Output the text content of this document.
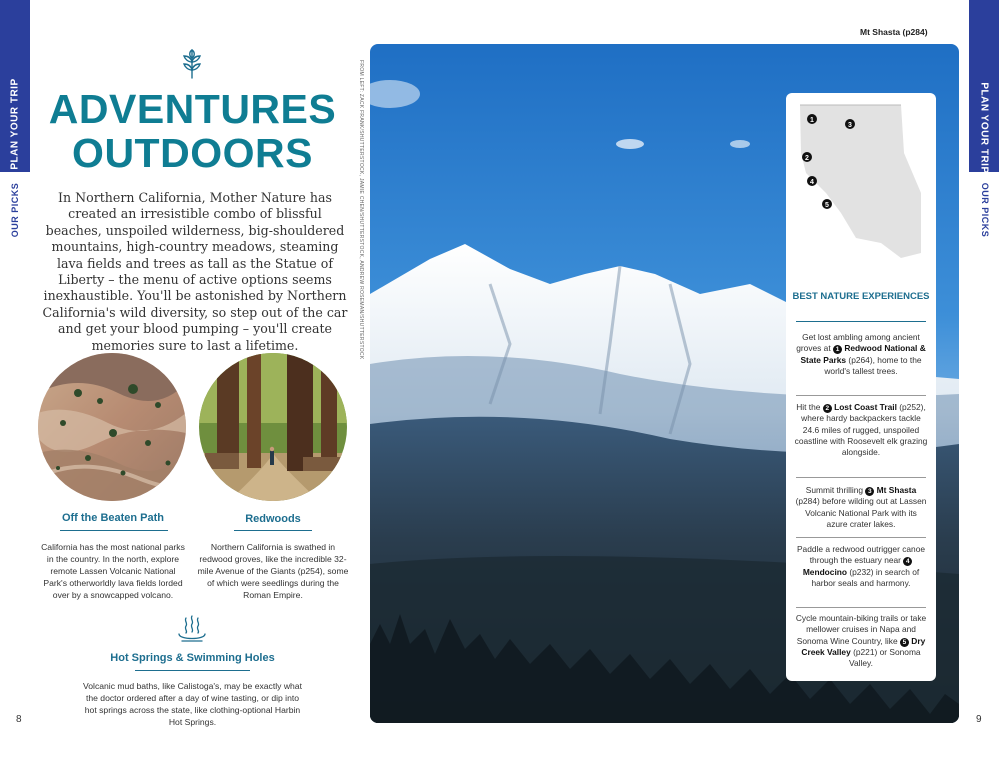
PLAN YOUR TRIP
OUR PICKS
PLAN YOUR TRIP
OUR PICKS
8	9
ADVENTURES
OUTDOORS
In Northern California, Mother Nature has created an irresistible combo of blissful beaches, unspoiled wilderness, big-shouldered mountains, high-country meadows, steaming lava fields and trees as tall as the Statue of Liberty – the menu of active options seems inexhaustible. You'll be astonished by Northern California's wild diversity, so step out of the car and get your blood pumping – you'll create memories sure to last a lifetime.
Off the Beaten Path
California has the most national parks in the country. In the north, explore remote Lassen Volcanic National Park's otherworldly lava fields lorded over by a snowcapped volcano.
Redwoods
Northern California is swathed in redwood groves, like the incredible 32-mile Avenue of the Giants (p254), some of which were seedlings during the Roman Empire.
Hot Springs & Swimming Holes
Volcanic mud baths, like Calistoga's, may be exactly what the doctor ordered after a day of wine tasting, or dip into hot springs across the state, like clothing-optional Harbin Hot Springs.
FROM LEFT: ZACK FRANK/SHUTTERSTOCK, JAMIE CHEN/SHUTTERSTOCK, ANDREW ROSEMAN/SHUTTERSTOCK
Mt Shasta (p284)
1
3
2
4
5
BEST NATURE EXPERIENCES
Get lost ambling among ancient groves at 1 Redwood National & State Parks (p264), home to the world's tallest trees.
Hit the 2 Lost Coast Trail (p252), where hardy backpackers tackle 24.6 miles of rugged, unspoiled coastline with Roosevelt elk grazing alongside.
Summit thrilling 3 Mt Shasta (p284) before wilding out at Lassen Volcanic National Park with its azure crater lakes.
Paddle a redwood outrigger canoe through the estuary near 4 Mendocino (p232) in search of harbor seals and harmony.
Cycle mountain-biking trails or take mellower cruises in Napa and Sonoma Wine Country, like 5 Dry Creek Valley (p221) or Sonoma Valley.
